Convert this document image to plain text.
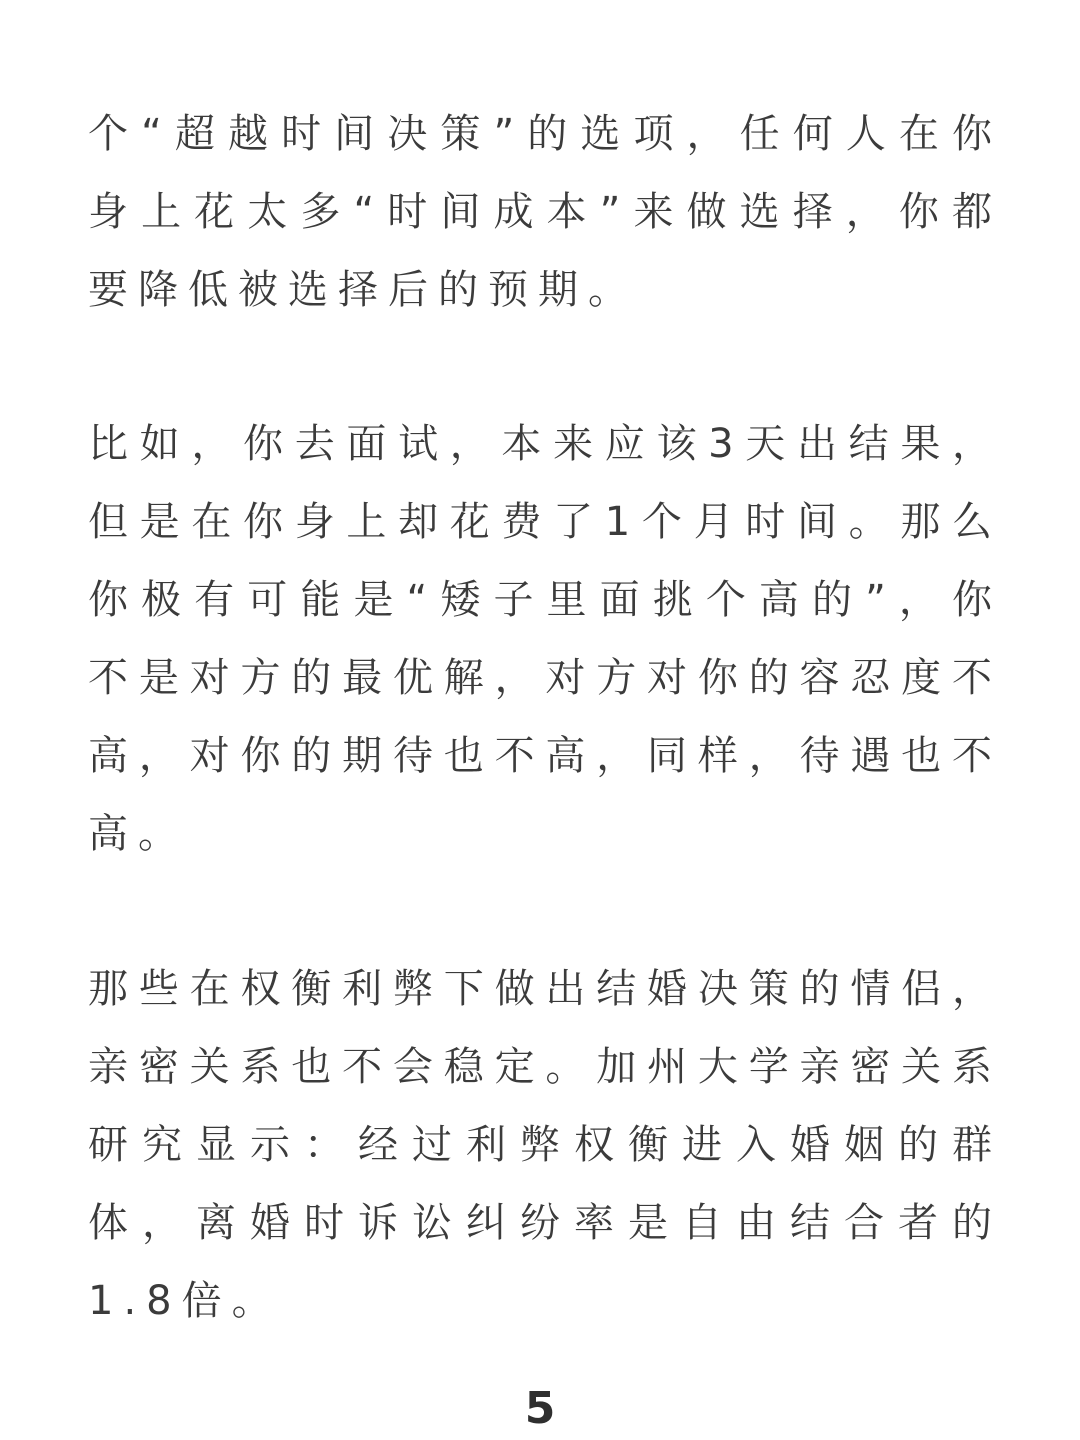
个“超越时间决策”的选项，任何人在你
身上花太多“时间成本”来做选择，你都
要降低被选择后的预期。
比如，你去面试，本来应该3天出结果，
但是在你身上却花费了1个月时间。那么
你极有可能是“矮子里面挑个高的”，你
不是对方的最优解，对方对你的容忍度不
高，对你的期待也不高，同样，待遇也不
高。
那些在权衡利弊下做出结婚决策的情侣，
亲密关系也不会稳定。加州大学亲密关系
研究显示：经过利弊权衡进入婚姻的群
体，离婚时诉讼纠纷率是自由结合者的
1.8倍。
5
